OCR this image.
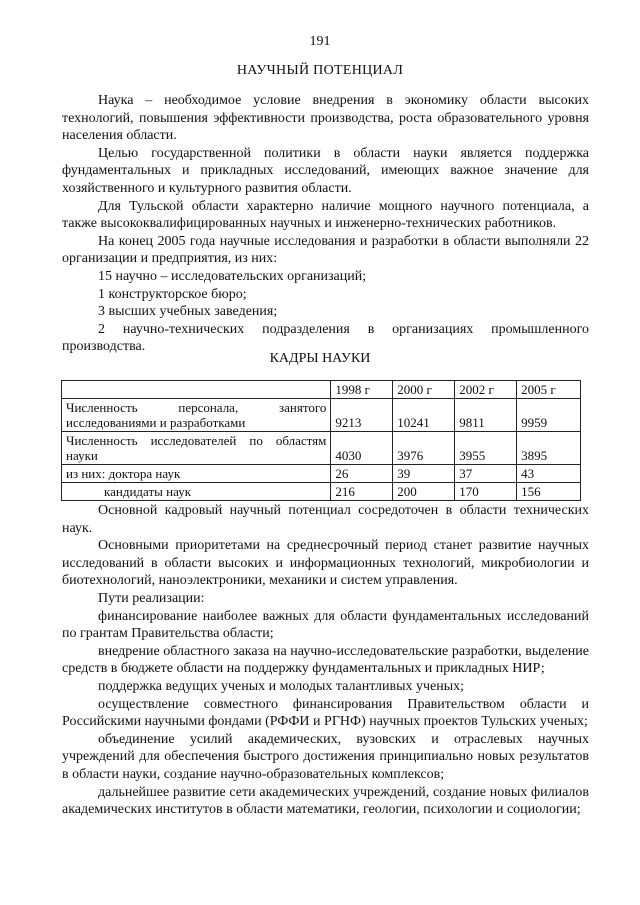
191
НАУЧНЫЙ ПОТЕНЦИАЛ

Наука – необходимое условие внедрения в экономику области высоких технологий, повышения эффективности производства, роста образовательного уровня населения области.

Целью государственной политики в области науки является поддержка фундаментальных и прикладных исследований, имеющих важное значение для хозяйственного и культурного развития области.

Для Тульской области характерно наличие мощного научного потенциала, а также высококвалифицированных научных и инженерно-технических работников.

На конец 2005 года научные исследования и разработки в области выполняли 22 организации и предприятия, из них:

15 научно – исследовательских организаций;

1 конструкторское бюро;

3 высших учебных заведения;

2 научно-технических подразделения в организациях промышленного производства.

КАДРЫ НАУКИ
	1998 г	2000 г	2002 г	2005 г

Численность персонала, занятого
исследованиями и разработками	9213	10241	9811	9959

Численность исследователей по областям
науки	4030	3976	3955	3895
из них: доктора наук	26	39	37	43
кандидаты наук	216	200	170	156

Основной кадровый научный потенциал сосредоточен в области технических наук.

Основными приоритетами на среднесрочный период станет развитие научных исследований в области высоких и информационных технологий, микробиологии и биотехнологий, наноэлектроники, механики и систем управления.

Пути реализации:

финансирование наиболее важных для области фундаментальных исследований по грантам Правительства области;

внедрение областного заказа на научно-исследовательские разработки, выделение средств в бюджете области на поддержку фундаментальных и прикладных НИР;

поддержка ведущих ученых и молодых талантливых ученых;

осуществление совместного финансирования Правительством области и Российскими научными фондами (РФФИ и РГНФ) научных проектов Тульских ученых;

объединение усилий академических, вузовских и отраслевых научных учреждений для обеспечения быстрого достижения принципиально новых результатов в области науки, создание научно-образовательных комплексов;

дальнейшее развитие сети академических учреждений, создание новых филиалов академических институтов в области математики, геологии, психологии и социологии;
